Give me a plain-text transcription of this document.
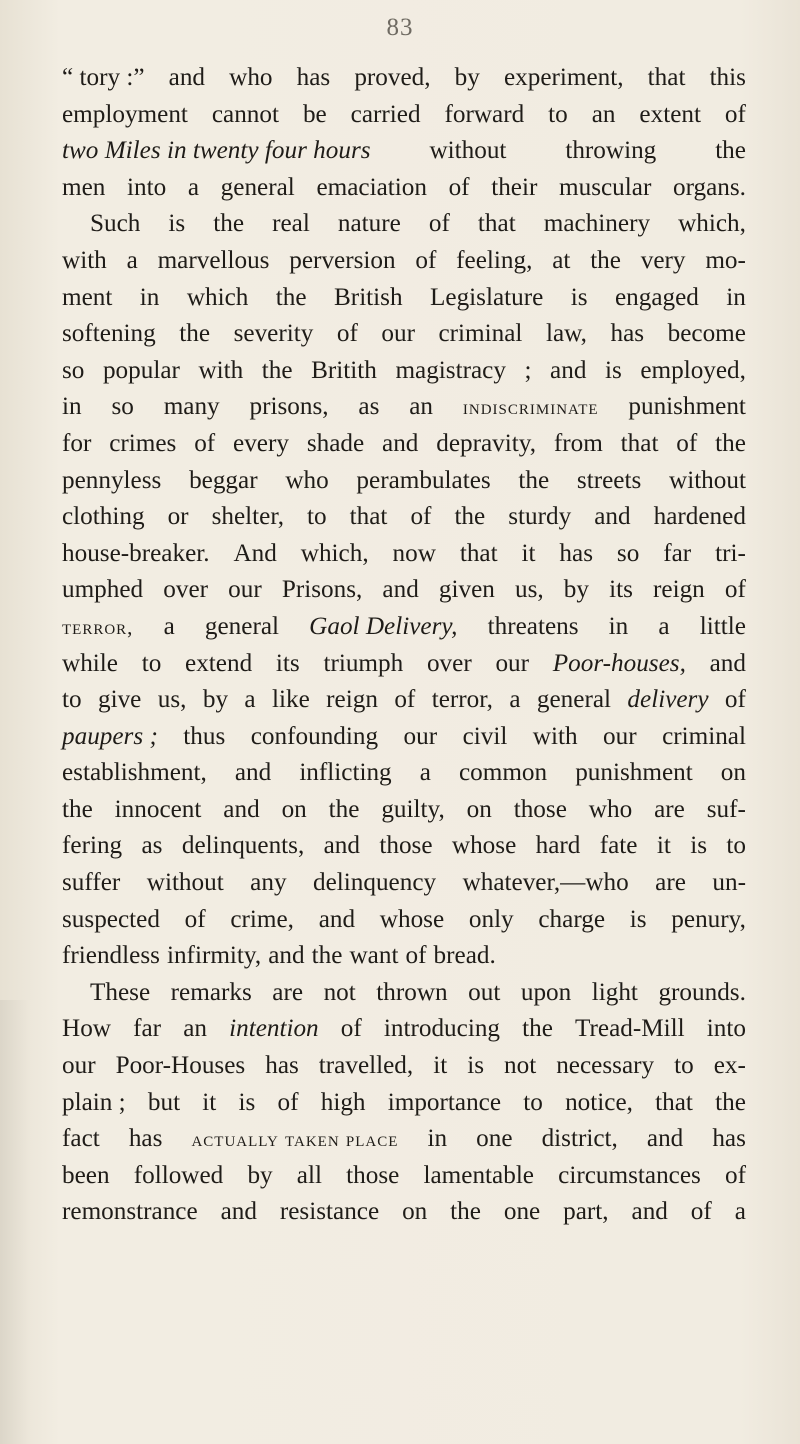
83
“ tory :” and who has proved, by experiment, that this
employment cannot be carried forward to an extent of
two Miles in twenty four hours without throwing the
men into a general emaciation of their muscular organs.
Such is the real nature of that machinery which,
with a marvellous perversion of feeling, at the very mo-
ment in which the British Legislature is engaged in
softening the severity of our criminal law, has become
so popular with the Britith magistracy ; and is employed,
in so many prisons, as an indiscriminate punishment
for crimes of every shade and depravity, from that of the
pennyless beggar who perambulates the streets without
clothing or shelter, to that of the sturdy and hardened
house-breaker. And which, now that it has so far tri-
umphed over our Prisons, and given us, by its reign of
terror, a general Gaol Delivery, threatens in a little
while to extend its triumph over our Poor-houses, and
to give us, by a like reign of terror, a general delivery of
paupers ; thus confounding our civil with our criminal
establishment, and inflicting a common punishment on
the innocent and on the guilty, on those who are suf-
fering as delinquents, and those whose hard fate it is to
suffer without any delinquency whatever,—who are un-
suspected of crime, and whose only charge is penury,
friendless infirmity, and the want of bread.
These remarks are not thrown out upon light grounds.
How far an intention of introducing the Tread-Mill into
our Poor-Houses has travelled, it is not necessary to ex-
plain ; but it is of high importance to notice, that the
fact has actually taken place in one district, and has
been followed by all those lamentable circumstances of
remonstrance and resistance on the one part, and of a
